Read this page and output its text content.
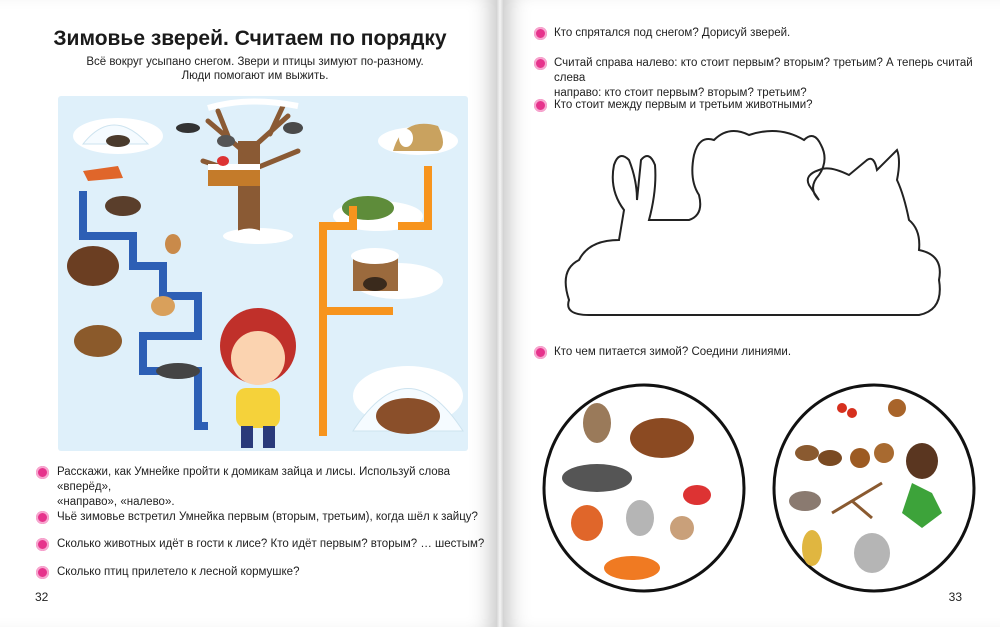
Зимовье зверей. Считаем по порядку
Всё вокруг усыпано снегом. Звери и птицы зимуют по-разному.
Люди помогают им выжить.
Расскажи, как Умнейке пройти к домикам зайца и лисы. Используй слова «вперёд»,
«направо», «налево».
Чьё зимовье встретил Умнейка первым (вторым, третьим), когда шёл к зайцу?
Сколько животных идёт в гости к лисе? Кто идёт первым? вторым? … шестым?
Сколько птиц прилетело к лесной кормушке?
32
Кто спрятался под снегом? Дорисуй зверей.
Считай справа налево: кто стоит первым? вторым? третьим? А теперь считай слева
направо: кто стоит первым? вторым? третьим?
Кто стоит между первым и третьим животными?
Кто чем питается зимой? Соедини линиями.
33
